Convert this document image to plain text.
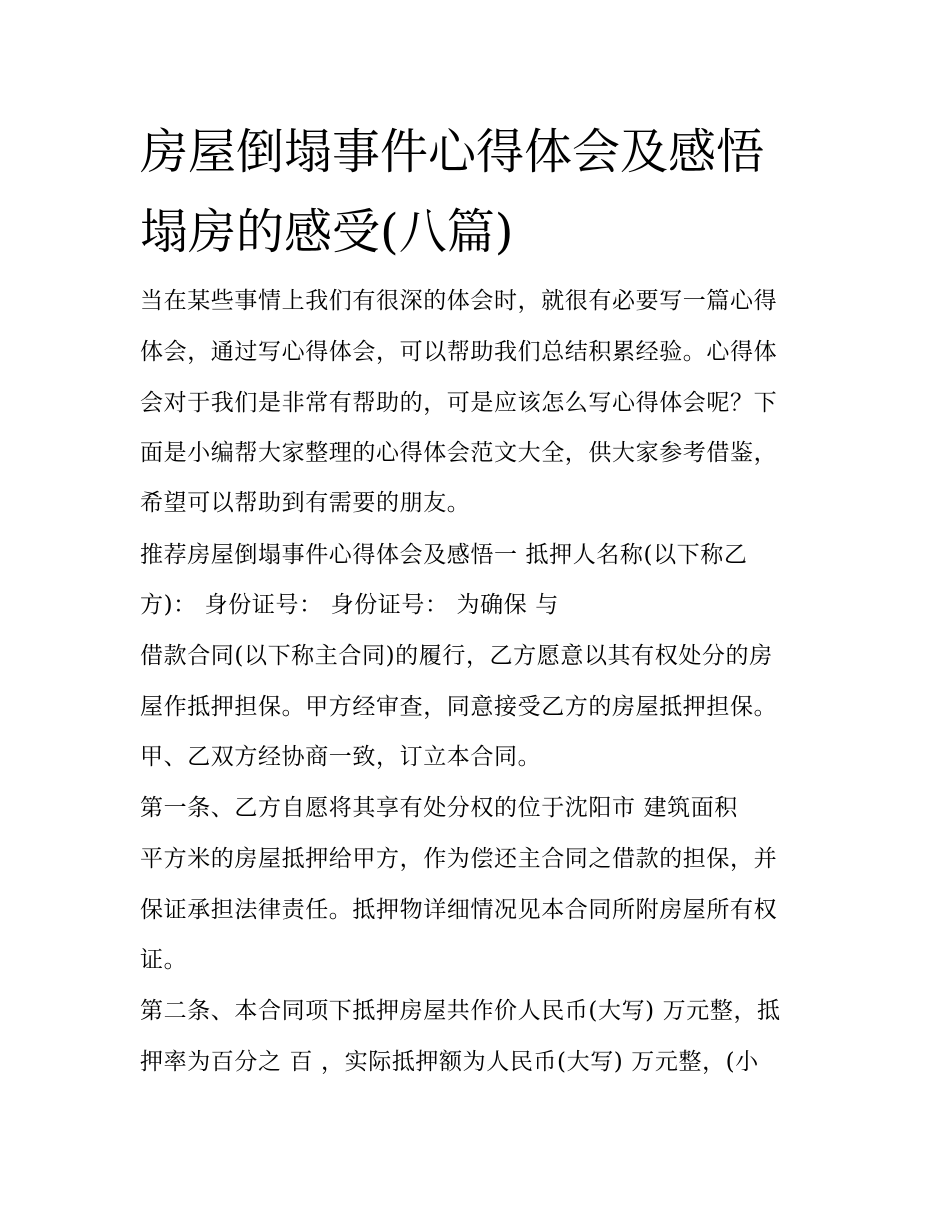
房屋倒塌事件心得体会及感悟
塌房的感受(八篇)
当在某些事情上我们有很深的体会时，就很有必要写一篇心得
体会，通过写心得体会，可以帮助我们总结积累经验。心得体
会对于我们是非常有帮助的，可是应该怎么写心得体会呢？下
面是小编帮大家整理的心得体会范文大全，供大家参考借鉴，
希望可以帮助到有需要的朋友。
推荐房屋倒塌事件心得体会及感悟一 抵押人名称(以下称乙
方)： 身份证号： 身份证号： 为确保 与
借款合同(以下称主合同)的履行，乙方愿意以其有权处分的房
屋作抵押担保。甲方经审查，同意接受乙方的房屋抵押担保。
甲、乙双方经协商一致，订立本合同。
第一条、乙方自愿将其享有处分权的位于沈阳市 建筑面积
平方米的房屋抵押给甲方，作为偿还主合同之借款的担保，并
保证承担法律责任。抵押物详细情况见本合同所附房屋所有权
证。
第二条、本合同项下抵押房屋共作价人民币(大写) 万元整，抵
押率为百分之 百 ，实际抵押额为人民币(大写) 万元整，(小
